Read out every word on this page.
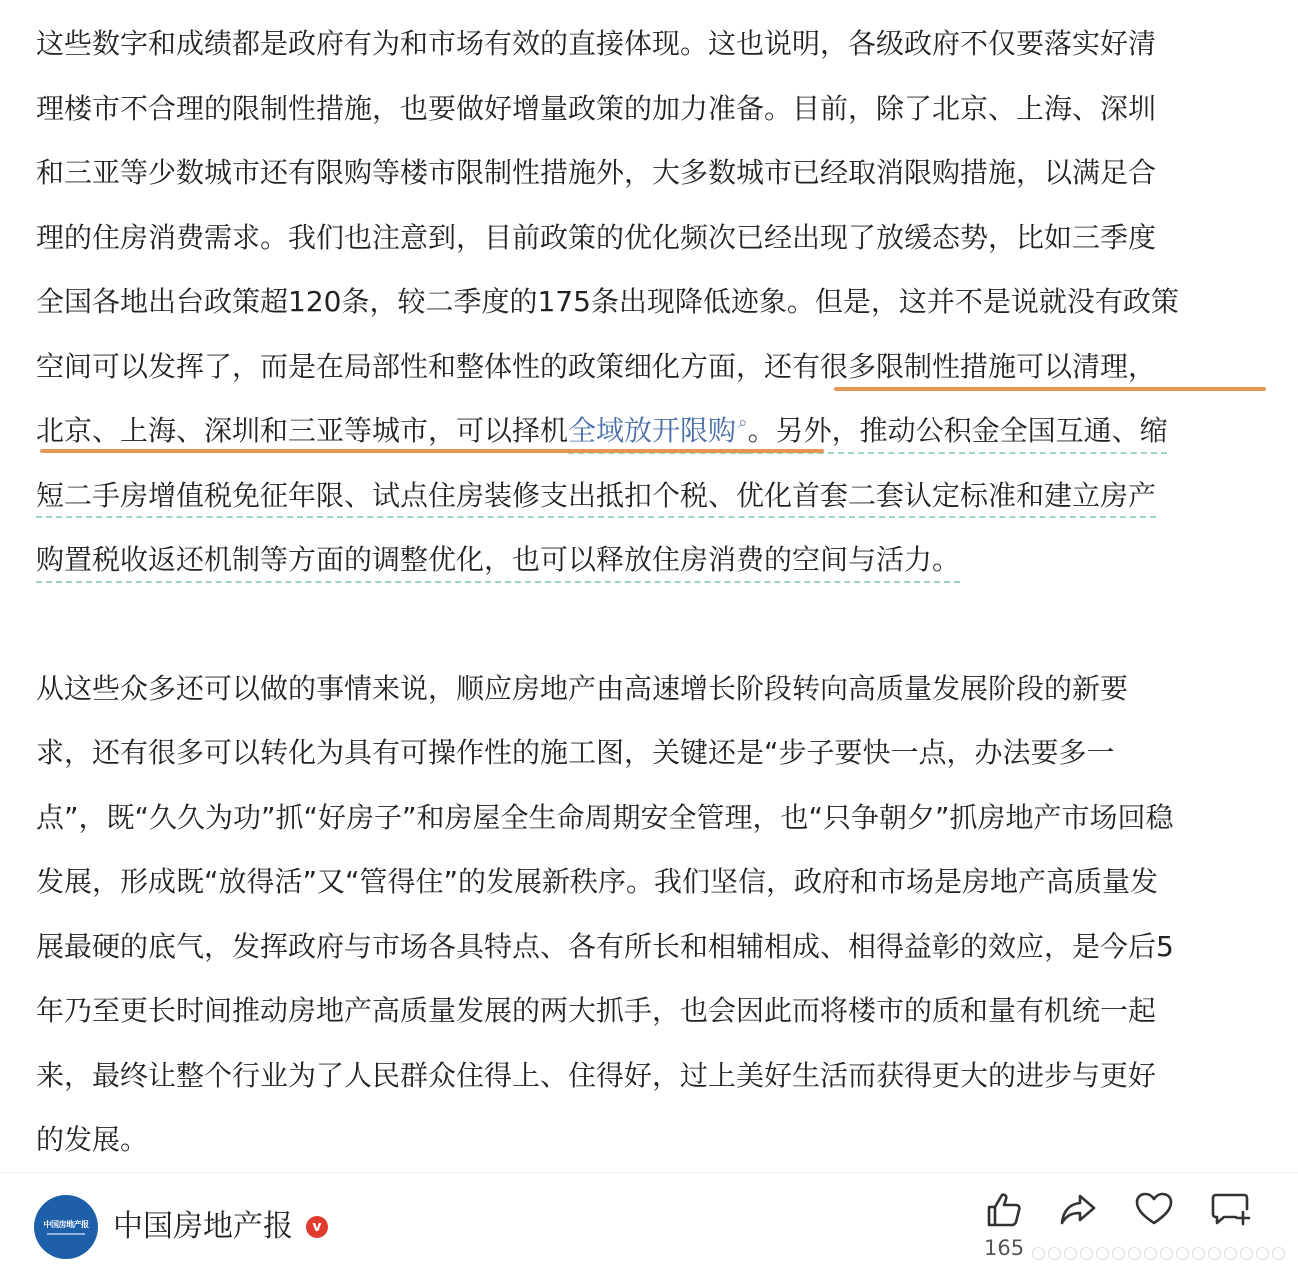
这些数字和成绩都是政府有为和市场有效的直接体现。这也说明，各级政府不仅要落实好清
理楼市不合理的限制性措施，也要做好增量政策的加力准备。目前，除了北京、上海、深圳
和三亚等少数城市还有限购等楼市限制性措施外，大多数城市已经取消限购措施，以满足合
理的住房消费需求。我们也注意到，目前政策的优化频次已经出现了放缓态势，比如三季度
全国各地出台政策超120条，较二季度的175条出现降低迹象。但是，这并不是说就没有政策
空间可以发挥了，而是在局部性和整体性的政策细化方面，还有很多限制性措施可以清理，
北京、上海、深圳和三亚等城市，可以择机全域放开限购 ⌕。另外，推动公积金全国互通、缩
短二手房增值税免征年限、试点住房装修支出抵扣个税、优化首套二套认定标准和建立房产
购置税收返还机制等方面的调整优化，也可以释放住房消费的空间与活力。
从这些众多还可以做的事情来说，顺应房地产由高速增长阶段转向高质量发展阶段的新要
求，还有很多可以转化为具有可操作性的施工图，关键还是“步子要快一点，办法要多一
点”，既“久久为功”抓“好房子”和房屋全生命周期安全管理，也“只争朝夕”抓房地产市场回稳
发展，形成既“放得活”又“管得住”的发展新秩序。我们坚信，政府和市场是房地产高质量发
展最硬的底气，发挥政府与市场各具特点、各有所长和相辅相成、相得益彰的效应，是今后5
年乃至更长时间推动房地产高质量发展的两大抓手，也会因此而将楼市的质和量有机统一起
来，最终让整个行业为了人民群众住得上、住得好，过上美好生活而获得更大的进步与更好
的发展。
中国房地产报 中国房地产报	v
165
